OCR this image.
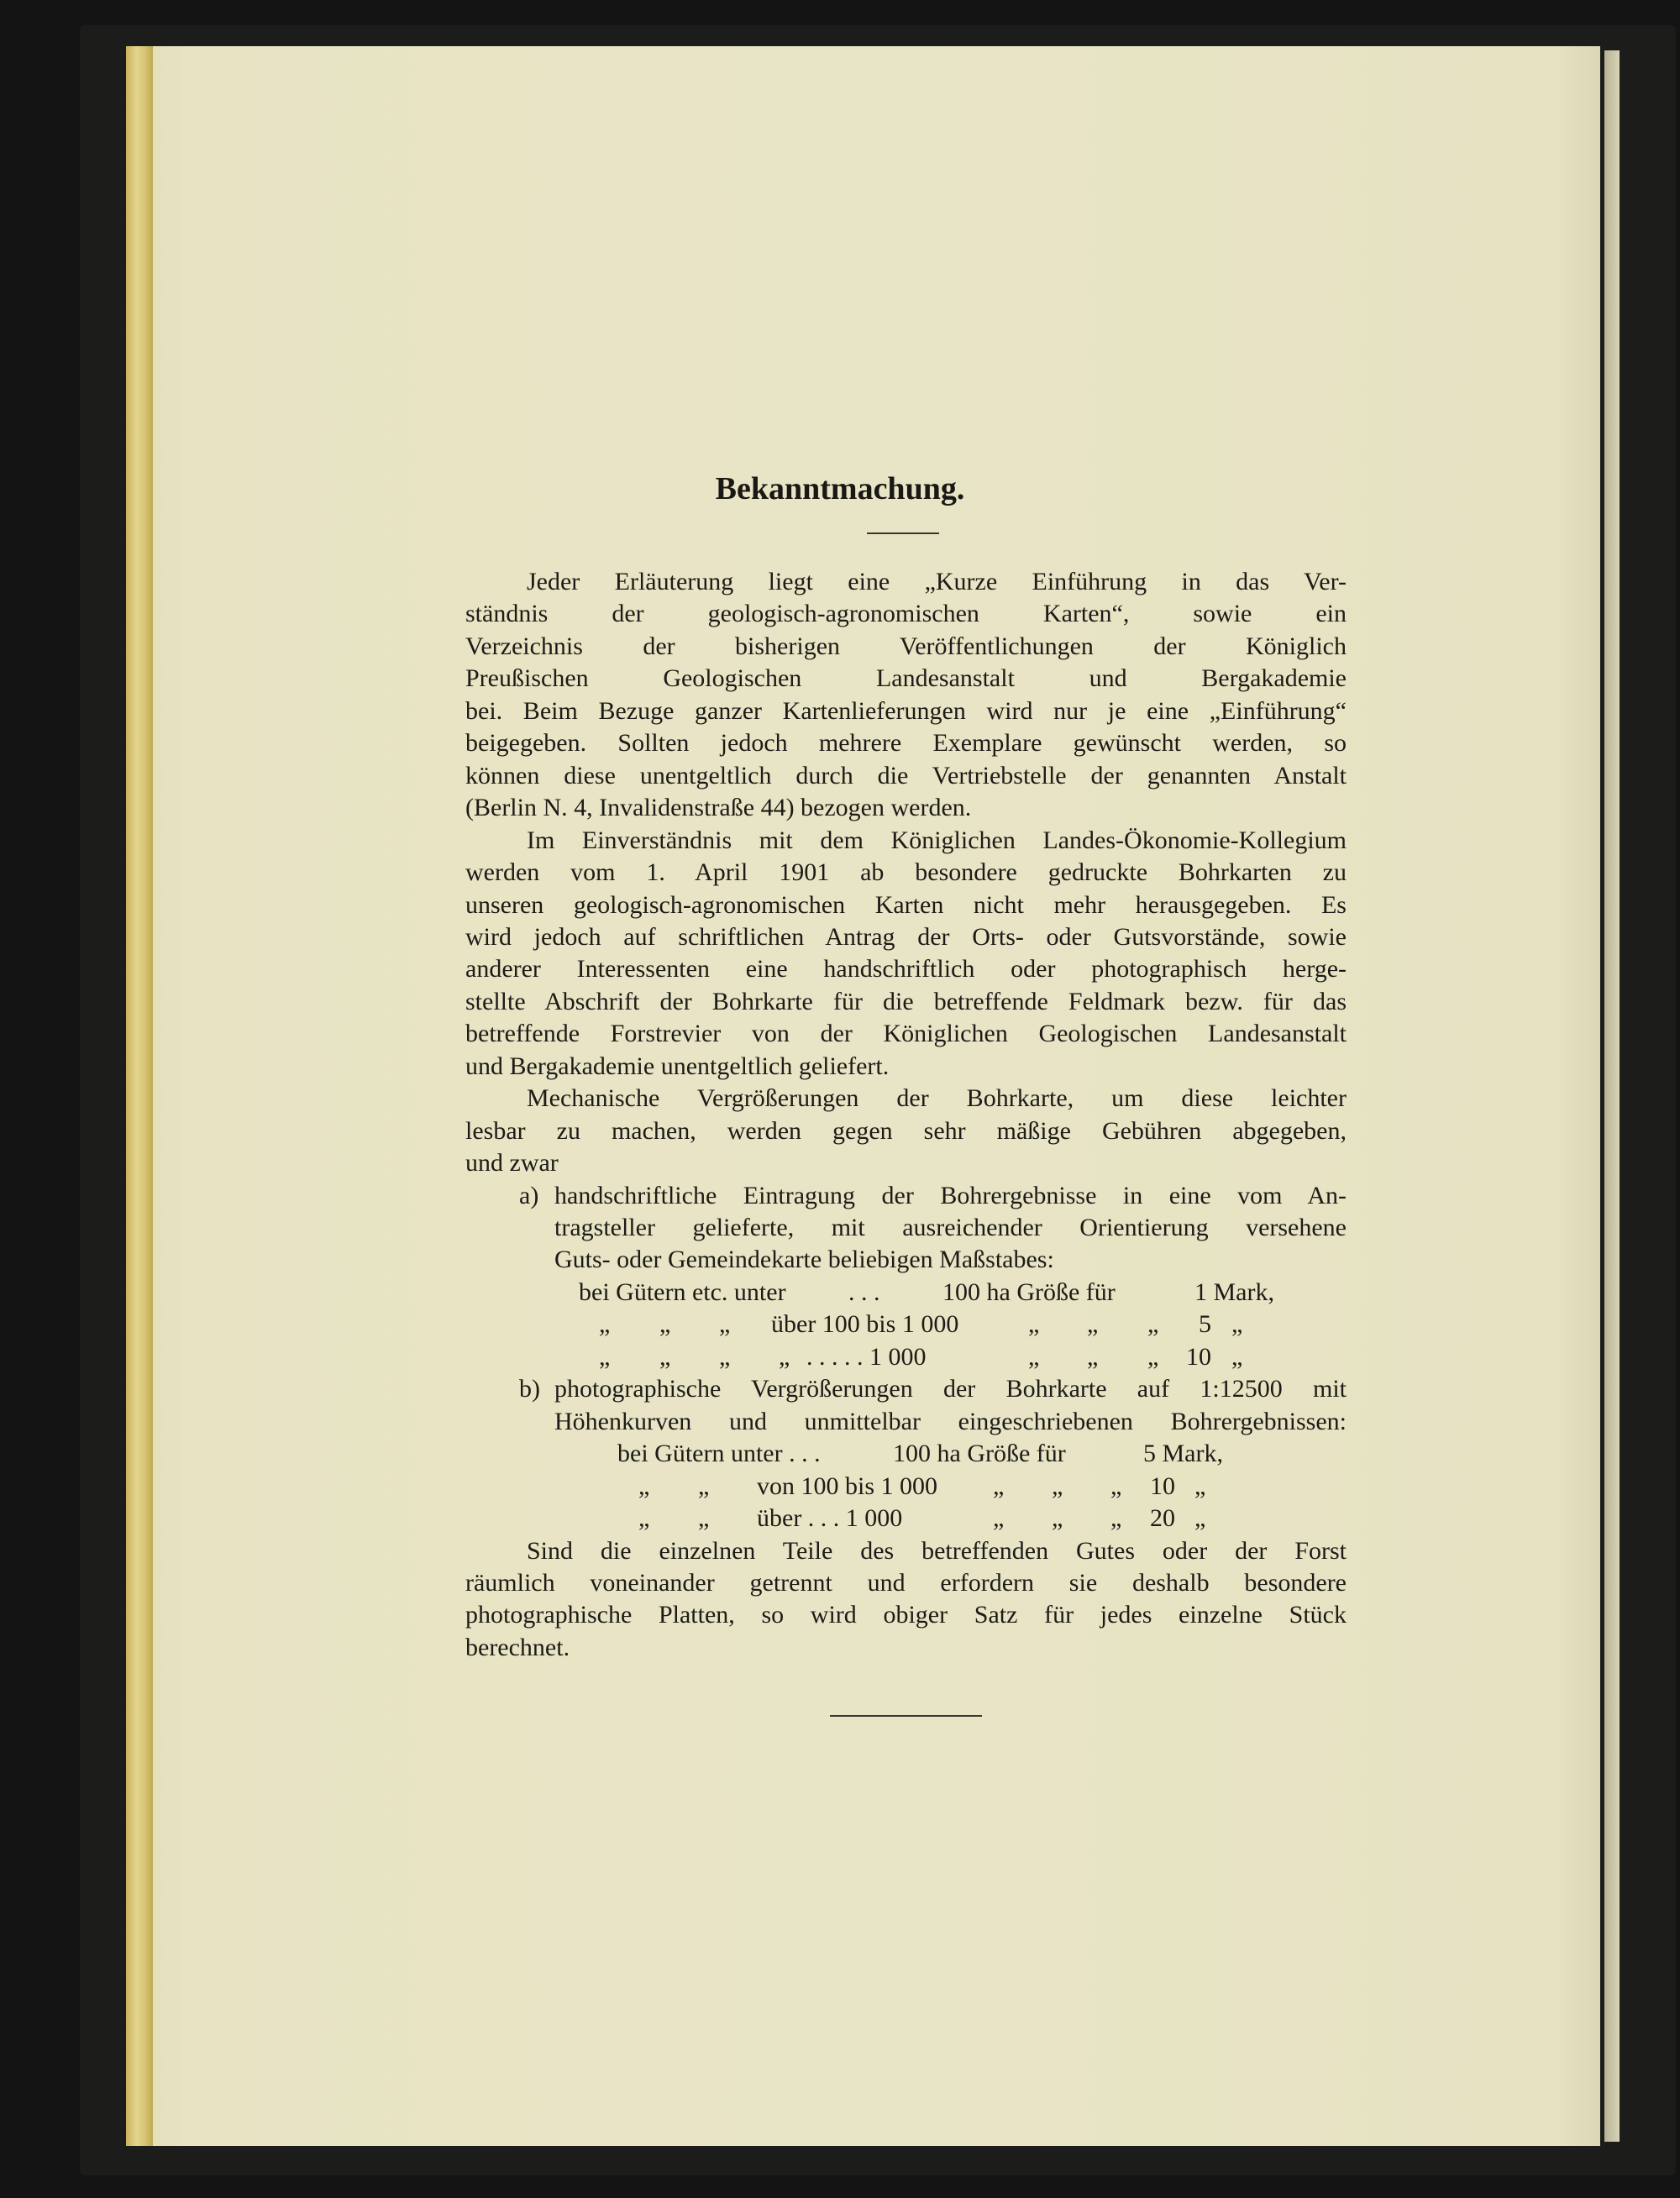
Bekanntmachung.
Jeder Erläuterung liegt eine „Kurze Einführung in das Ver-
ständnis der geologisch-agronomischen Karten“, sowie ein
Verzeichnis der bisherigen Veröffentlichungen der Königlich
Preußischen Geologischen Landesanstalt und Bergakademie
bei. Beim Bezuge ganzer Kartenlieferungen wird nur je eine „Einführung“
beigegeben. Sollten jedoch mehrere Exemplare gewünscht werden, so
können diese unentgeltlich durch die Vertriebstelle der genannten Anstalt
(Berlin N. 4, Invalidenstraße 44) bezogen werden.
Im Einverständnis mit dem Königlichen Landes-Ökonomie-Kollegium
werden vom 1. April 1901 ab besondere gedruckte Bohrkarten zu
unseren geologisch-agronomischen Karten nicht mehr herausgegeben. Es
wird jedoch auf schriftlichen Antrag der Orts- oder Gutsvorstände, sowie
anderer Interessenten eine handschriftlich oder photographisch herge-
stellte Abschrift der Bohrkarte für die betreffende Feldmark bezw. für das
betreffende Forstrevier von der Königlichen Geologischen Landesanstalt
und Bergakademie unentgeltlich geliefert.
Mechanische Vergrößerungen der Bohrkarte, um diese leichter
lesbar zu machen, werden gegen sehr mäßige Gebühren abgegeben,
und zwar
a) handschriftliche Eintragung der Bohrergebnisse in eine vom An-
tragsteller gelieferte, mit ausreichender Orientierung versehene
Guts- oder Gemeindekarte beliebigen Maßstabes:
bei Gütern etc. unter . . . 100 ha Größe für	1 Mark,
„ „ „ über 100 bis 1 000	„ „ „ 5 „
„ „ „ „ . . . . . 1 000	„ „ „ 10 „
b) photographische Vergrößerungen der Bohrkarte auf 1:12500 mit
Höhenkurven und unmittelbar eingeschriebenen Bohrergebnissen:
bei Gütern unter . . .	100 ha Größe für	5 Mark,
„ „ von 100 bis 1 000 „ „ „ 10 „
„ „ über . . . 1 000	„ „ „ 20 „
Sind die einzelnen Teile des betreffenden Gutes oder der Forst
räumlich voneinander getrennt und erfordern sie deshalb besondere
photographische Platten, so wird obiger Satz für jedes einzelne Stück
berechnet.
